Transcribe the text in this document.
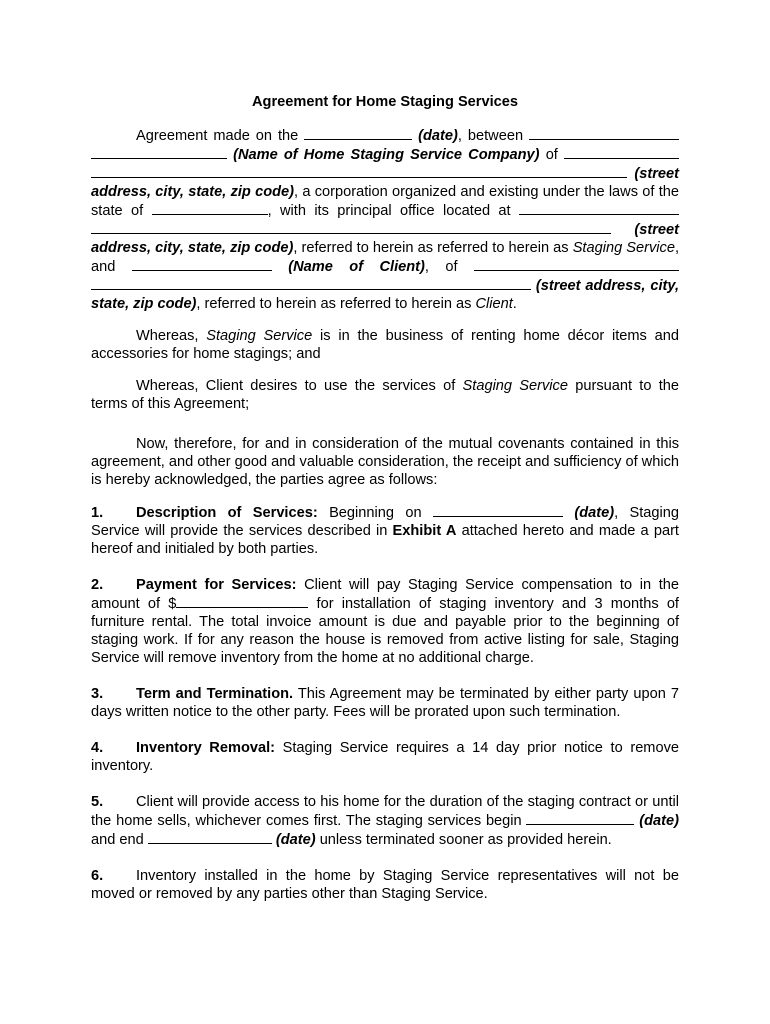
Agreement for Home Staging Services

Agreement made on the	(date), between   (Name of Home Staging Service Company) of   (street address, city, state, zip code), a corporation organized and existing under the laws of the state of	, with its principal office located at   (street address, city, state, zip code), referred to herein as referred to herein as Staging Service, and	(Name of Client), of   (street address, city, state, zip code), referred to herein as referred to herein as Client.

Whereas, Staging Service is in the business of renting home décor items and accessories for home stagings; and

Whereas, Client desires to use the services of Staging Service pursuant to the terms of this Agreement;

Now, therefore, for and in consideration of the mutual covenants contained in this agreement, and other good and valuable consideration, the receipt and sufficiency of which is hereby acknowledged, the parties agree as follows:

1. Description of Services: Beginning on	(date), Staging Service will provide the services described in Exhibit A attached hereto and made a part hereof and initialed by both parties.

2. Payment for Services: Client will pay Staging Service compensation to in the amount of $	for installation of staging inventory and 3 months of furniture rental. The total invoice amount is due and payable prior to the beginning of staging work. If for any reason the house is removed from active listing for sale, Staging Service will remove inventory from the home at no additional charge.

3. Term and Termination. This Agreement may be terminated by either party upon 7 days written notice to the other party. Fees will be prorated upon such termination.

4. Inventory Removal: Staging Service requires a 14 day prior notice to remove inventory.

5. Client will provide access to his home for the duration of the staging contract or until the home sells, whichever comes first. The staging services begin	(date) and end	(date) unless terminated sooner as provided herein.

6. Inventory installed in the home by Staging Service representatives will not be moved or removed by any parties other than Staging Service.
